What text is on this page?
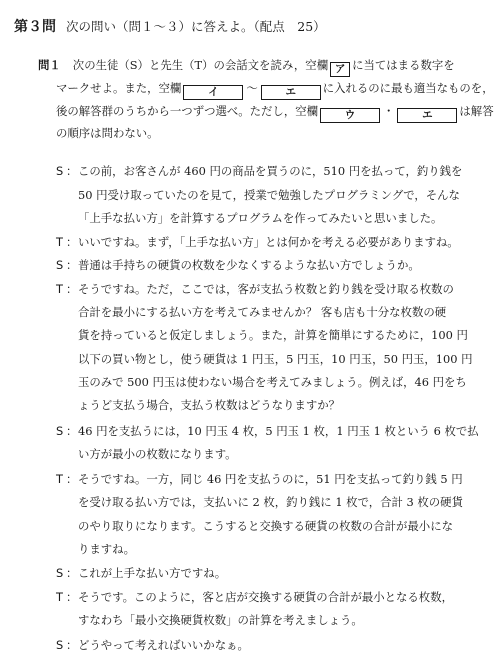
第３問 次の問い（問１～３）に答えよ。（配点　25）
問１ 次の生徒（S）と先生（T）の会話文を読み，空欄 ア に当てはまる数字を
マークせよ。また，空欄	イ ～	エ に入れるのに最も適当なものを，
後の解答群のうちから一つずつ選べ。ただし，空欄	ウ ・	エ は解答
の順序は問わない。
S ： この前，お客さんが 460 円の商品を買うのに，510 円を払って，釣り銭を
50 円受け取っていたのを見て，授業で勉強したプログラミングで，そんな
「上手な払い方」を計算するプログラムを作ってみたいと思いました。
T ： いいですね。まず，「上手な払い方」とは何かを考える必要がありますね。
S ： 普通は手持ちの硬貨の枚数を少なくするような払い方でしょうか。
T ： そうですね。ただ，ここでは，客が支払う枚数と釣り銭を受け取る枚数の
合計を最小にする払い方を考えてみませんか？ 客も店も十分な枚数の硬
貨を持っていると仮定しましょう。また，計算を簡単にするために，100 円
以下の買い物とし，使う硬貨は 1 円玉，5 円玉，10 円玉，50 円玉，100 円
玉のみで 500 円玉は使わない場合を考えてみましょう。例えば，46 円をち
ょうど支払う場合，支払う枚数はどうなりますか？
S ： 46 円を支払うには，10 円玉 4 枚，5 円玉 1 枚，1 円玉 1 枚という 6 枚で払
い方が最小の枚数になります。
T ： そうですね。一方，同じ 46 円を支払うのに，51 円を支払って釣り銭 5 円
を受け取る払い方では，支払いに 2 枚，釣り銭に 1 枚で，合計 3 枚の硬貨
のやり取りになります。こうすると交換する硬貨の枚数の合計が最小にな
りますね。
S ： これが上手な払い方ですね。
T ： そうです。このように，客と店が交換する硬貨の合計が最小となる枚数，
すなわち「最小交換硬貨枚数」の計算を考えましょう。
S ： どうやって考えればいいかなぁ。
